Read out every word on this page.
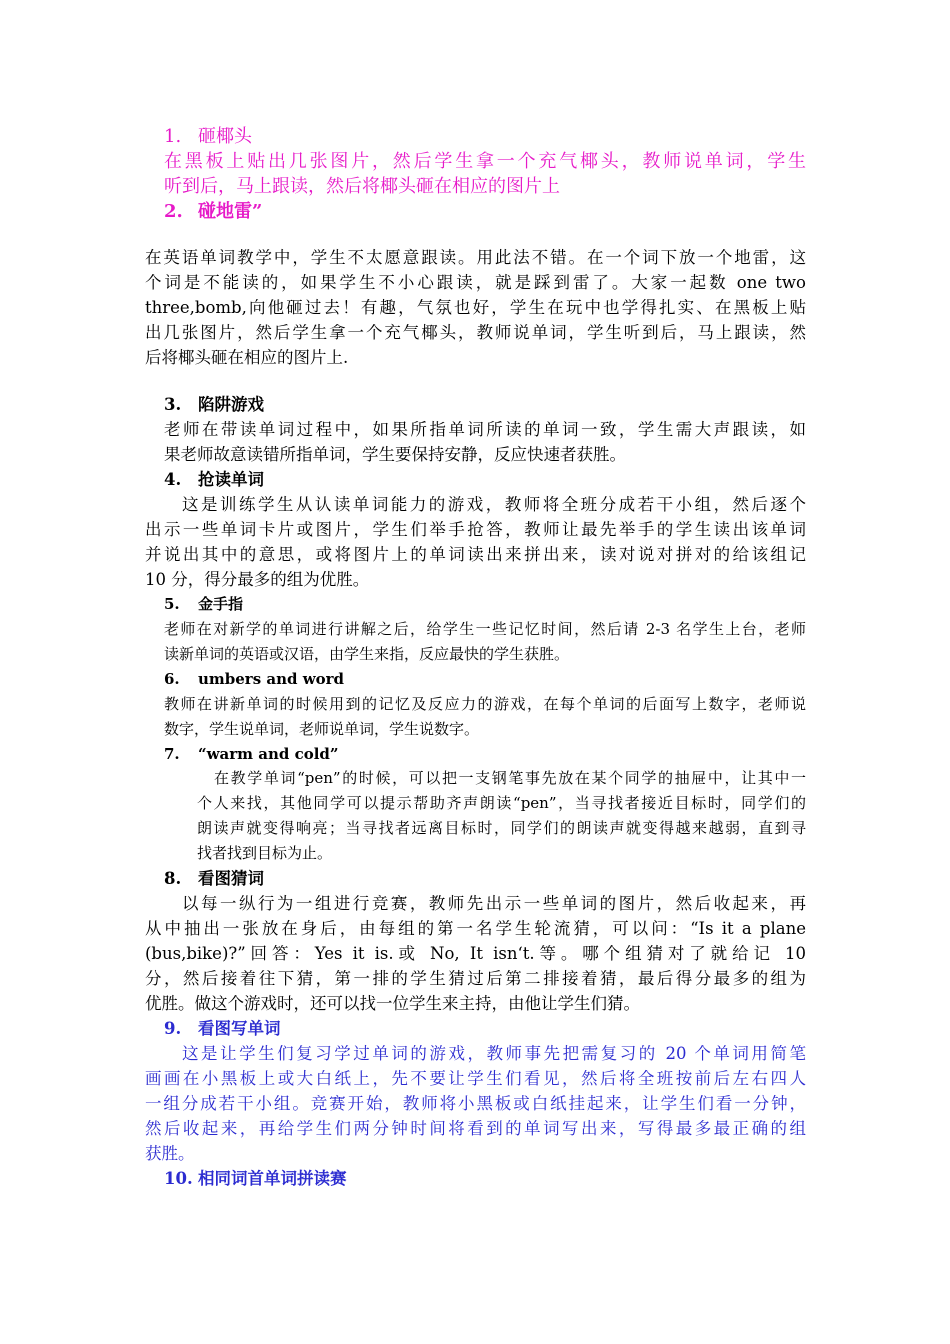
1. 砸椰头
在黑板上贴出几张图片，然后学生拿一个充气椰头，教师说单词，学生
听到后，马上跟读，然后将椰头砸在相应的图片上
2. 碰地雷”
在英语单词教学中，学生不太愿意跟读。用此法不错。在一个词下放一个地雷，这
个词是不能读的，如果学生不小心跟读，就是踩到雷了。大家一起数 one two
three,bomb,向他砸过去！有趣，气氛也好，学生在玩中也学得扎实、在黑板上贴
出几张图片，然后学生拿一个充气椰头，教师说单词，学生听到后，马上跟读，然
后将椰头砸在相应的图片上.
3. 陷阱游戏
老师在带读单词过程中，如果所指单词所读的单词一致，学生需大声跟读，如
果老师故意读错所指单词，学生要保持安静，反应快速者获胜。
4. 抢读单词
这是训练学生从认读单词能力的游戏，教师将全班分成若干小组，然后逐个
出示一些单词卡片或图片，学生们举手抢答，教师让最先举手的学生读出该单词
并说出其中的意思，或将图片上的单词读出来拼出来，读对说对拼对的给该组记
10 分，得分最多的组为优胜。
5. 金手指
老师在对新学的单词进行讲解之后，给学生一些记忆时间，然后请 2-3 名学生上台，老师
读新单词的英语或汉语，由学生来指，反应最快的学生获胜。
6. umbers and word
教师在讲新单词的时候用到的记忆及反应力的游戏，在每个单词的后面写上数字，老师说
数字，学生说单词，老师说单词，学生说数字。
7. “warm and cold”
在教学单词“pen”的时候，可以把一支钢笔事先放在某个同学的抽屉中，让其中一
个人来找，其他同学可以提示帮助齐声朗读“pen”，当寻找者接近目标时，同学们的
朗读声就变得响亮；当寻找者远离目标时，同学们的朗读声就变得越来越弱，直到寻
找者找到目标为止。
8. 看图猜词
以每一纵行为一组进行竞赛，教师先出示一些单词的图片，然后收起来，再
从中抽出一张放在身后，由每组的第一名学生轮流猜，可以问：“Is it a plane
(bus,bike)?”回答：Yes it is.或 No, It isn‘t.等。哪个组猜对了就给记 10
分，然后接着往下猜，第一排的学生猜过后第二排接着猜，最后得分最多的组为
优胜。做这个游戏时，还可以找一位学生来主持，由他让学生们猜。
9. 看图写单词
这是让学生们复习学过单词的游戏，教师事先把需复习的 20 个单词用简笔
画画在小黑板上或大白纸上，先不要让学生们看见，然后将全班按前后左右四人
一组分成若干小组。竞赛开始，教师将小黑板或白纸挂起来，让学生们看一分钟，
然后收起来，再给学生们两分钟时间将看到的单词写出来，写得最多最正确的组
获胜。
10. 相同词首单词拼读赛
